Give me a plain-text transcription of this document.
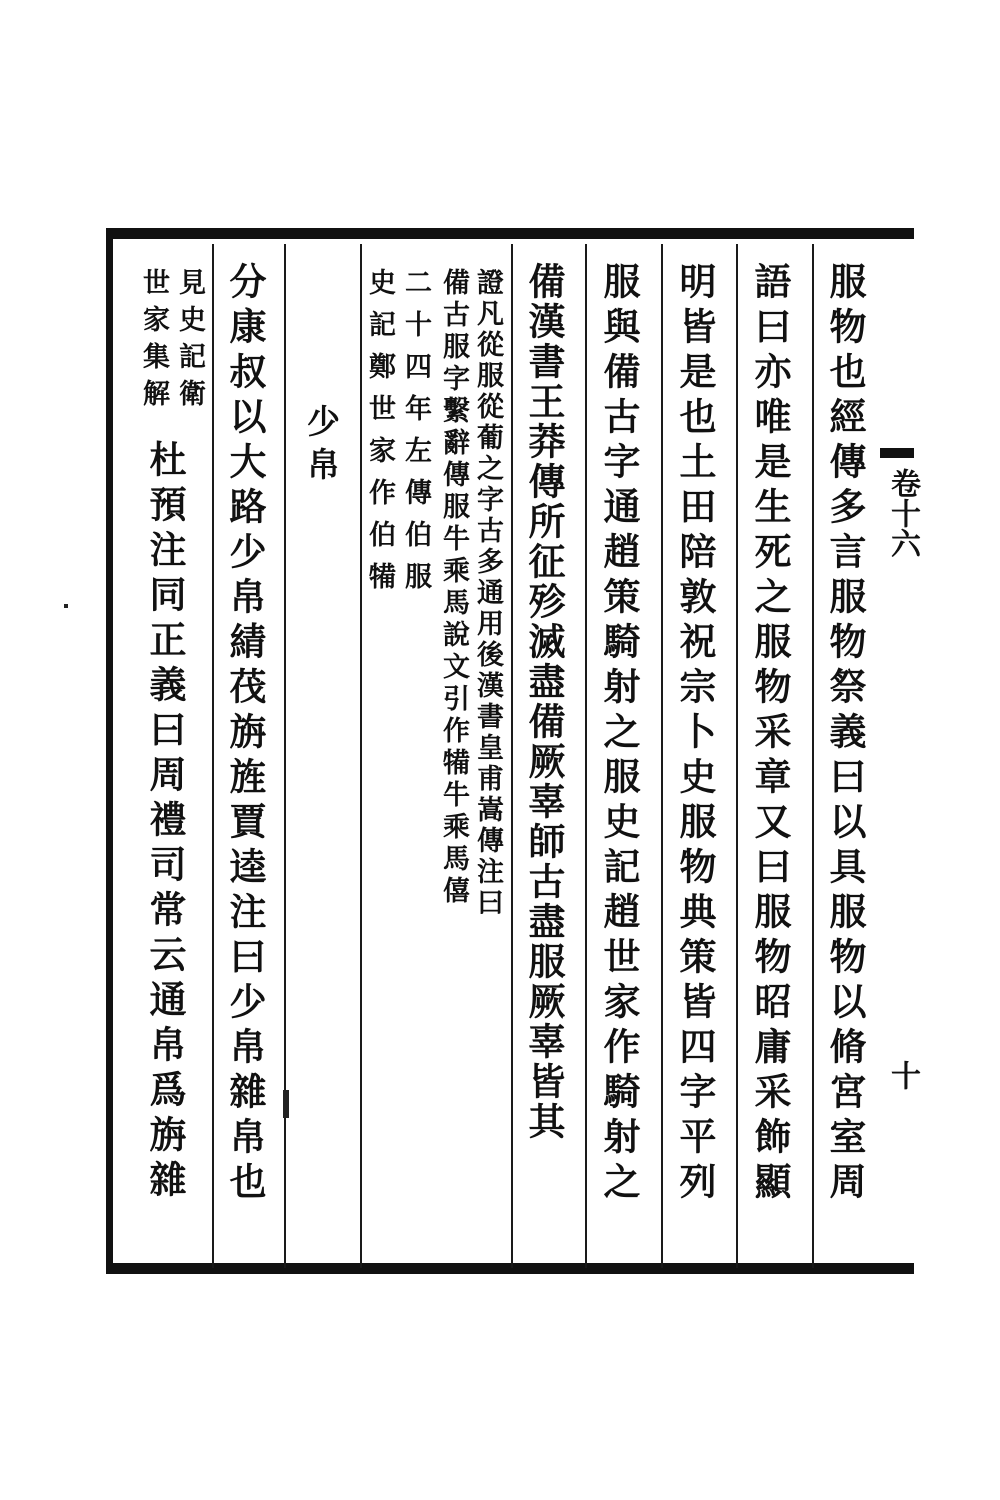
卷十六
十
服物也經傳多言服物祭義曰以具服物以脩宮室周
語曰亦唯是生死之服物采章又曰服物昭庸采飾顯
明皆是也土田陪敦祝宗卜史服物典策皆四字平列
服與備古字通趙策騎射之服史記趙世家作騎射之
備漢書王莽傳所征殄滅盡備厥辜師古盡服厥辜皆其
證凡從服從葡之字古多通用後漢書皇甫嵩傳注曰
備古服字繫辭傳服牛乘馬說文引作犕牛乘馬僖
二十四年左傳伯服
史記鄭世家作伯犕
少帛
分康叔以大路少帛綪茷旃旌賈逵注曰少帛雜帛也
見史記衛
世家集解
杜預注同正義曰周禮司常云通帛爲旃雜
